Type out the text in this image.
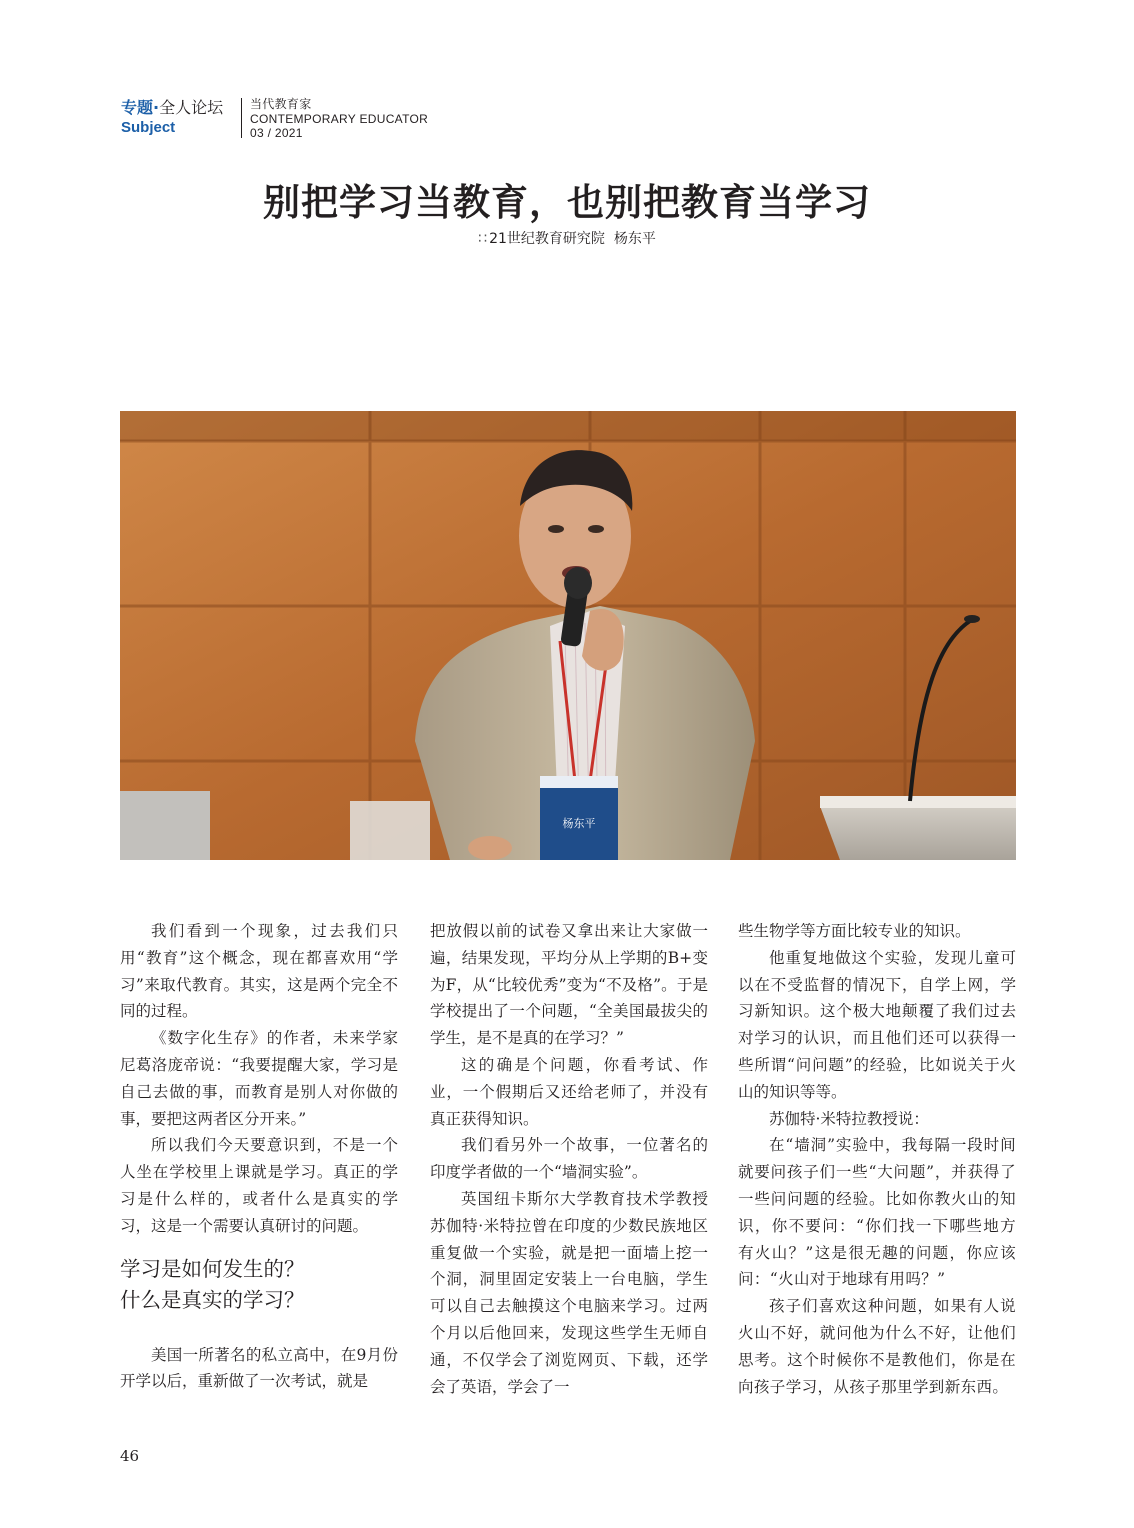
专题·全人论坛
Subject
当代教育家
CONTEMPORARY EDUCATOR
03 / 2021
别把学习当教育，也别把教育当学习
∷ 21世纪教育研究院 杨东平
杨东平

我们看到一个现象，过去我们只用“教育”这个概念，现在都喜欢用“学习”来取代教育。其实，这是两个完全不同的过程。

《数字化生存》的作者，未来学家尼葛洛庞帝说：“我要提醒大家，学习是自己去做的事，而教育是别人对你做的事，要把这两者区分开来。”

所以我们今天要意识到，不是一个人坐在学校里上课就是学习。真正的学习是什么样的，或者什么是真实的学习，这是一个需要认真研讨的问题。

学习是如何发生的？
什么是真实的学习？

美国一所著名的私立高中，在9月份开学以后，重新做了一次考试，就是

把放假以前的试卷又拿出来让大家做一遍，结果发现，平均分从上学期的B+变为F，从“比较优秀”变为“不及格”。于是学校提出了一个问题，“全美国最拔尖的学生，是不是真的在学习？”

这的确是个问题，你看考试、作业，一个假期后又还给老师了，并没有真正获得知识。

我们看另外一个故事，一位著名的印度学者做的一个“墙洞实验”。

英国纽卡斯尔大学教育技术学教授苏伽特·米特拉曾在印度的少数民族地区重复做一个实验，就是把一面墙上挖一个洞，洞里固定安装上一台电脑，学生可以自己去触摸这个电脑来学习。过两个月以后他回来，发现这些学生无师自通，不仅学会了浏览网页、下载，还学会了英语，学会了一

些生物学等方面比较专业的知识。

他重复地做这个实验，发现儿童可以在不受监督的情况下，自学上网，学习新知识。这个极大地颠覆了我们过去对学习的认识，而且他们还可以获得一些所谓“问问题”的经验，比如说关于火山的知识等等。

苏伽特·米特拉教授说：

在“墙洞”实验中，我每隔一段时间就要问孩子们一些“大问题”，并获得了一些问问题的经验。比如你教火山的知识，你不要问：“你们找一下哪些地方有火山？”这是很无趣的问题，你应该问：“火山对于地球有用吗？”

孩子们喜欢这种问题，如果有人说火山不好，就问他为什么不好，让他们思考。这个时候你不是教他们，你是在向孩子学习，从孩子那里学到新东西。

46
